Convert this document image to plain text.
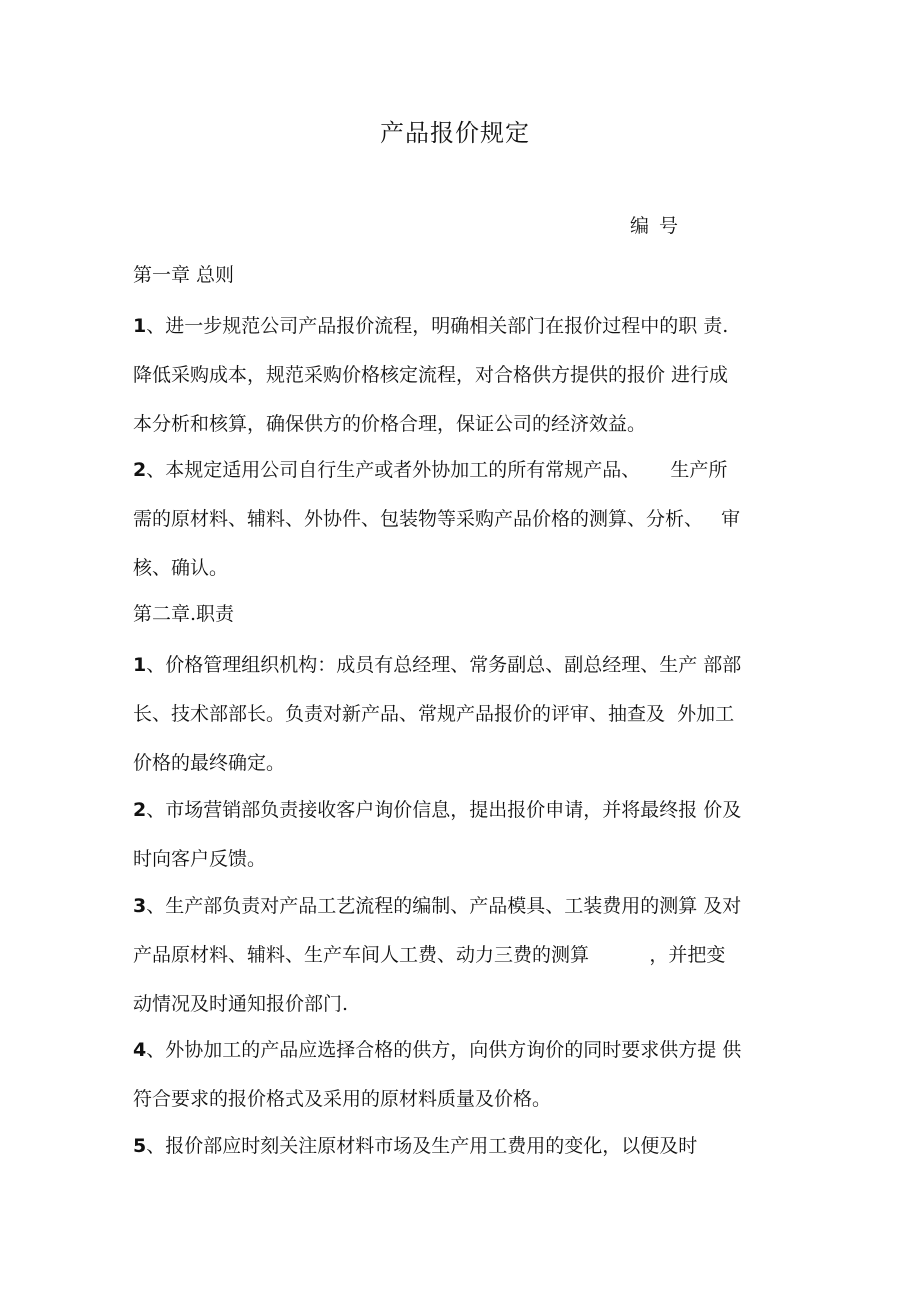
产品报价规定
编 号
第一章 总则
1、进一步规范公司产品报价流程，明确相关部门在报价过程中的职 责.
降低采购成本，规范采购价格核定流程，对合格供方提供的报价 进行成
本分析和核算，确保供方的价格合理，保证公司的经济效益。
2、本规定适用公司自行生产或者外协加工的所有常规产品、     生产所
需的原材料、辅料、外协件、包装物等采购产品价格的测算、分析、   审
核、确认。
第二章.职责
1、价格管理组织机构：成员有总经理、常务副总、副总经理、生产 部部
长、技术部部长。负责对新产品、常规产品报价的评审、抽查及  外加工
价格的最终确定。
2、市场营销部负责接收客户询价信息，提出报价申请，并将最终报 价及
时向客户反馈。
3、生产部负责对产品工艺流程的编制、产品模具、工装费用的测算 及对
产品原材料、辅料、生产车间人工费、动力三费的测算          ，并把变
动情况及时通知报价部门.
4、外协加工的产品应选择合格的供方，向供方询价的同时要求供方提 供
符合要求的报价格式及采用的原材料质量及价格。
5、报价部应时刻关注原材料市场及生产用工费用的变化，以便及时
